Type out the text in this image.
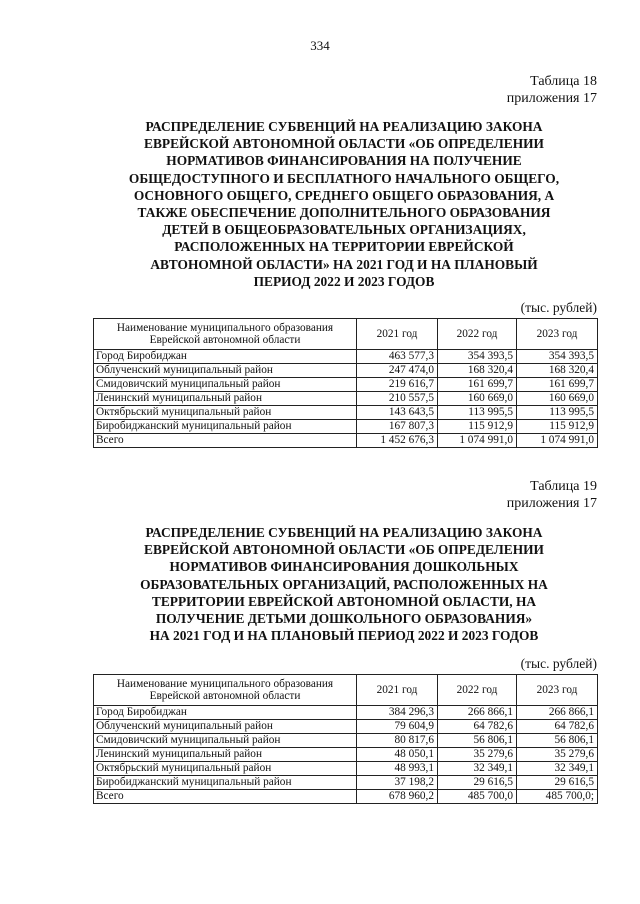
334
Таблица 18
приложения 17
РАСПРЕДЕЛЕНИЕ СУБВЕНЦИЙ НА РЕАЛИЗАЦИЮ ЗАКОНА
ЕВРЕЙСКОЙ АВТОНОМНОЙ ОБЛАСТИ «ОБ ОПРЕДЕЛЕНИИ
НОРМАТИВОВ ФИНАНСИРОВАНИЯ НА ПОЛУЧЕНИЕ
ОБЩЕДОСТУПНОГО И БЕСПЛАТНОГО НАЧАЛЬНОГО ОБЩЕГО,
ОСНОВНОГО ОБЩЕГО, СРЕДНЕГО ОБЩЕГО ОБРАЗОВАНИЯ, А
ТАКЖЕ ОБЕСПЕЧЕНИЕ ДОПОЛНИТЕЛЬНОГО ОБРАЗОВАНИЯ
ДЕТЕЙ В ОБЩЕОБРАЗОВАТЕЛЬНЫХ ОРГАНИЗАЦИЯХ,
РАСПОЛОЖЕННЫХ НА ТЕРРИТОРИИ ЕВРЕЙСКОЙ
АВТОНОМНОЙ ОБЛАСТИ» НА 2021 ГОД И НА ПЛАНОВЫЙ
ПЕРИОД 2022 И 2023 ГОДОВ
(тыс. рублей)
Наименование муниципального образования Еврейской автономной области	2021 год	2022 год	2023 год
Город Биробиджан	463 577,3	354 393,5	354 393,5
Облученский муниципальный район	247 474,0	168 320,4	168 320,4
Смидовичский муниципальный район	219 616,7	161 699,7	161 699,7
Ленинский муниципальный район	210 557,5	160 669,0	160 669,0
Октябрьский муниципальный район	143 643,5	113 995,5	113 995,5
Биробиджанский муниципальный район	167 807,3	115 912,9	115 912,9
Всего	1 452 676,3	1 074 991,0	1 074 991,0
Таблица 19
приложения 17
РАСПРЕДЕЛЕНИЕ СУБВЕНЦИЙ НА РЕАЛИЗАЦИЮ ЗАКОНА
ЕВРЕЙСКОЙ АВТОНОМНОЙ ОБЛАСТИ «ОБ ОПРЕДЕЛЕНИИ
НОРМАТИВОВ ФИНАНСИРОВАНИЯ ДОШКОЛЬНЫХ
ОБРАЗОВАТЕЛЬНЫХ ОРГАНИЗАЦИЙ, РАСПОЛОЖЕННЫХ НА
ТЕРРИТОРИИ ЕВРЕЙСКОЙ АВТОНОМНОЙ ОБЛАСТИ, НА
ПОЛУЧЕНИЕ ДЕТЬМИ ДОШКОЛЬНОГО ОБРАЗОВАНИЯ»
НА 2021 ГОД И НА ПЛАНОВЫЙ ПЕРИОД 2022 И 2023 ГОДОВ
(тыс. рублей)
Наименование муниципального образования Еврейской автономной области	2021 год	2022 год	2023 год
Город Биробиджан	384 296,3	266 866,1	266 866,1
Облученский муниципальный район	79 604,9	64 782,6	64 782,6
Смидовичский муниципальный район	80 817,6	56 806,1	56 806,1
Ленинский муниципальный район	48 050,1	35 279,6	35 279,6
Октябрьский муниципальный район	48 993,1	32 349,1	32 349,1
Биробиджанский муниципальный район	37 198,2	29 616,5	29 616,5
Всего	678 960,2	485 700,0	485 700,0;
